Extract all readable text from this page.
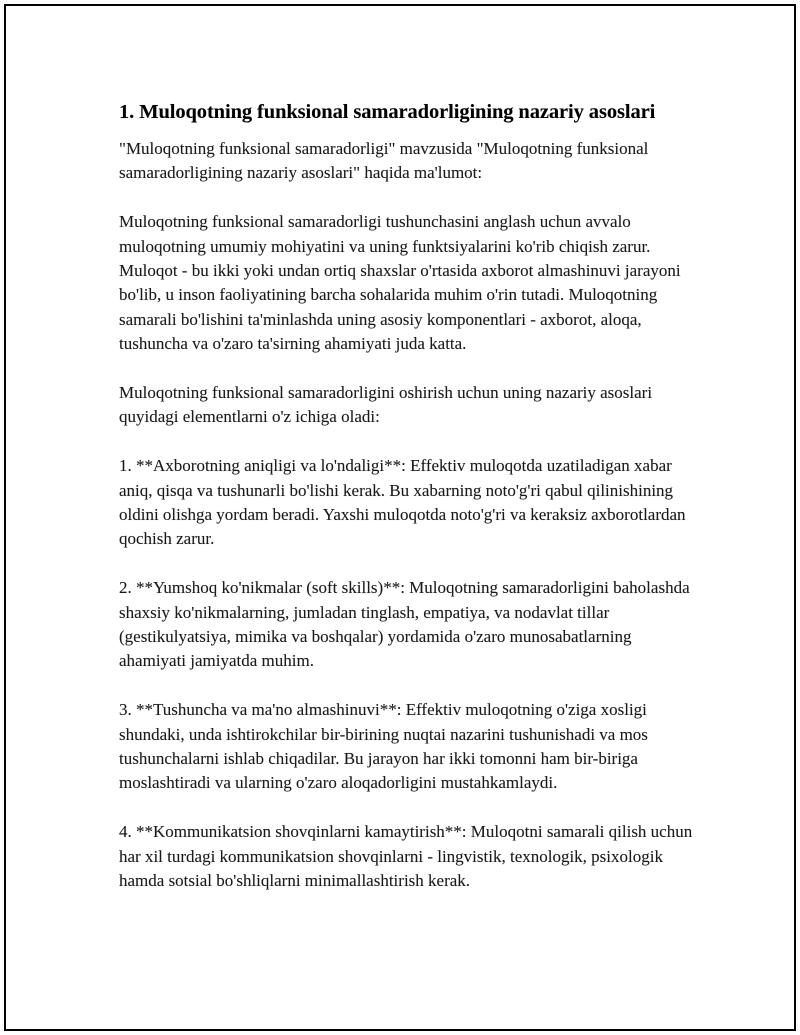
1. Muloqotning funksional samaradorligining nazariy asoslari

"Muloqotning funksional samaradorligi" mavzusida "Muloqotning funksional samaradorligining nazariy asoslari" haqida ma'lumot:

Muloqotning funksional samaradorligi tushunchasini anglash uchun avvalo muloqotning umumiy mohiyatini va uning funktsiyalarini ko'rib chiqish zarur. Muloqot - bu ikki yoki undan ortiq shaxslar o'rtasida axborot almashinuvi jarayoni bo'lib, u inson faoliyatining barcha sohalarida muhim o'rin tutadi. Muloqotning samarali bo'lishini ta'minlashda uning asosiy komponentlari - axborot, aloqa, tushuncha va o'zaro ta'sirning ahamiyati juda katta.

Muloqotning funksional samaradorligini oshirish uchun uning nazariy asoslari quyidagi elementlarni o'z ichiga oladi:

1. **Axborotning aniqligi va lo'ndaligi**: Effektiv muloqotda uzatiladigan xabar aniq, qisqa va tushunarli bo'lishi kerak. Bu xabarning noto'g'ri qabul qilinishining oldini olishga yordam beradi. Yaxshi muloqotda noto'g'ri va keraksiz axborotlardan qochish zarur.

2. **Yumshoq ko'nikmalar (soft skills)**: Muloqotning samaradorligini baholashda shaxsiy ko'nikmalarning, jumladan tinglash, empatiya, va nodavlat tillar (gestikulyatsiya, mimika va boshqalar) yordamida o'zaro munosabatlarning ahamiyati jamiyatda muhim.

3. **Tushuncha va ma'no almashinuvi**: Effektiv muloqotning o'ziga xosligi shundaki, unda ishtirokchilar bir-birining nuqtai nazarini tushunishadi va mos tushunchalarni ishlab chiqadilar. Bu jarayon har ikki tomonni ham bir-biriga moslashtiradi va ularning o'zaro aloqadorligini mustahkamlaydi.

4. **Kommunikatsion shovqinlarni kamaytirish**: Muloqotni samarali qilish uchun har xil turdagi kommunikatsion shovqinlarni - lingvistik, texnologik, psixologik hamda sotsial bo'shliqlarni minimallashtirish kerak.
